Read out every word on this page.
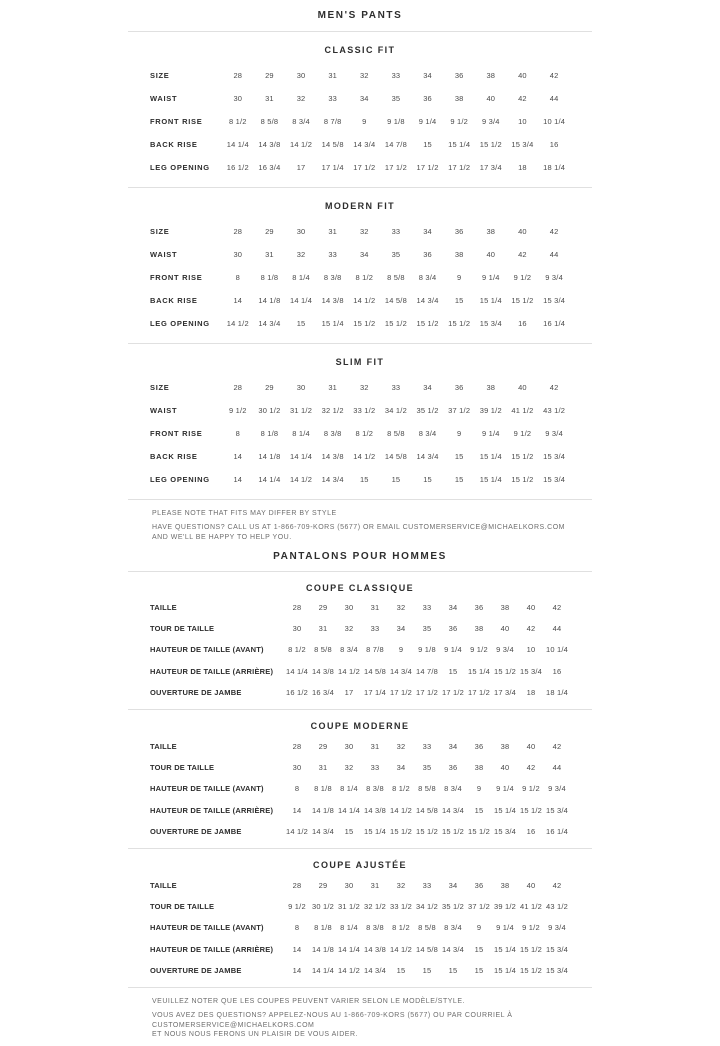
MEN'S PANTS
CLASSIC FIT
SIZE	28	29	30	31	32	33	34	36	38	40	42
WAIST	30	31	32	33	34	35	36	38	40	42	44
FRONT RISE	8 1/2	8 5/8	8 3/4	8 7/8	9	9 1/8	9 1/4	9 1/2	9 3/4	10	10 1/4
BACK RISE	14 1/4	14 3/8	14 1/2	14 5/8	14 3/4	14 7/8	15	15 1/4	15 1/2	15 3/4	16
LEG OPENING	16 1/2	16 3/4	17	17 1/4	17 1/2	17 1/2	17 1/2	17 1/2	17 3/4	18	18 1/4
MODERN FIT
SIZE	28	29	30	31	32	33	34	36	38	40	42
WAIST	30	31	32	33	34	35	36	38	40	42	44
FRONT RISE	8	8 1/8	8 1/4	8 3/8	8 1/2	8 5/8	8 3/4	9	9 1/4	9 1/2	9 3/4
BACK RISE	14	14 1/8	14 1/4	14 3/8	14 1/2	14 5/8	14 3/4	15	15 1/4	15 1/2	15 3/4
LEG OPENING	14 1/2	14 3/4	15	15 1/4	15 1/2	15 1/2	15 1/2	15 1/2	15 3/4	16	16 1/4
SLIM FIT
SIZE	28	29	30	31	32	33	34	36	38	40	42
WAIST	9 1/2	30 1/2	31 1/2	32 1/2	33 1/2	34 1/2	35 1/2	37 1/2	39 1/2	41 1/2	43 1/2
FRONT RISE	8	8 1/8	8 1/4	8 3/8	8 1/2	8 5/8	8 3/4	9	9 1/4	9 1/2	9 3/4
BACK RISE	14	14 1/8	14 1/4	14 3/8	14 1/2	14 5/8	14 3/4	15	15 1/4	15 1/2	15 3/4
LEG OPENING	14	14 1/4	14 1/2	14 3/4	15	15	15	15	15 1/4	15 1/2	15 3/4

PLEASE NOTE THAT FITS MAY DIFFER BY STYLE

HAVE QUESTIONS? CALL US AT 1-866-709-KORS (5677) OR EMAIL CUSTOMERSERVICE@MICHAELKORS.COM

AND WE'LL BE HAPPY TO HELP YOU.

PANTALONS POUR HOMMES
COUPE CLASSIQUE
TAILLE	28	29	30	31	32	33	34	36	38	40	42
TOUR DE TAILLE	30	31	32	33	34	35	36	38	40	42	44
HAUTEUR DE TAILLE (AVANT)	8 1/2	8 5/8	8 3/4	8 7/8	9	9 1/8	9 1/4	9 1/2	9 3/4	10	10 1/4
HAUTEUR DE TAILLE (ARRIÈRE)	14 1/4	14 3/8	14 1/2	14 5/8	14 3/4	14 7/8	15	15 1/4	15 1/2	15 3/4	16
OUVERTURE DE JAMBE	16 1/2	16 3/4	17	17 1/4	17 1/2	17 1/2	17 1/2	17 1/2	17 3/4	18	18 1/4
COUPE MODERNE
TAILLE	28	29	30	31	32	33	34	36	38	40	42
TOUR DE TAILLE	30	31	32	33	34	35	36	38	40	42	44
HAUTEUR DE TAILLE (AVANT)	8	8 1/8	8 1/4	8 3/8	8 1/2	8 5/8	8 3/4	9	9 1/4	9 1/2	9 3/4
HAUTEUR DE TAILLE (ARRIÈRE)	14	14 1/8	14 1/4	14 3/8	14 1/2	14 5/8	14 3/4	15	15 1/4	15 1/2	15 3/4
OUVERTURE DE JAMBE	14 1/2	14 3/4	15	15 1/4	15 1/2	15 1/2	15 1/2	15 1/2	15 3/4	16	16 1/4
COUPE AJUSTÉE
TAILLE	28	29	30	31	32	33	34	36	38	40	42
TOUR DE TAILLE	9 1/2	30 1/2	31 1/2	32 1/2	33 1/2	34 1/2	35 1/2	37 1/2	39 1/2	41 1/2	43 1/2
HAUTEUR DE TAILLE (AVANT)	8	8 1/8	8 1/4	8 3/8	8 1/2	8 5/8	8 3/4	9	9 1/4	9 1/2	9 3/4
HAUTEUR DE TAILLE (ARRIÈRE)	14	14 1/8	14 1/4	14 3/8	14 1/2	14 5/8	14 3/4	15	15 1/4	15 1/2	15 3/4
OUVERTURE DE JAMBE	14	14 1/4	14 1/2	14 3/4	15	15	15	15	15 1/4	15 1/2	15 3/4

VEUILLEZ NOTER QUE LES COUPES PEUVENT VARIER SELON LE MODÈLE/STYLE.

VOUS AVEZ DES QUESTIONS? APPELEZ-NOUS AU 1-866-709-KORS (5677) OU PAR COURRIEL À CUSTOMERSERVICE@MICHAELKORS.COM

ET NOUS NOUS FERONS UN PLAISIR DE VOUS AIDER.
